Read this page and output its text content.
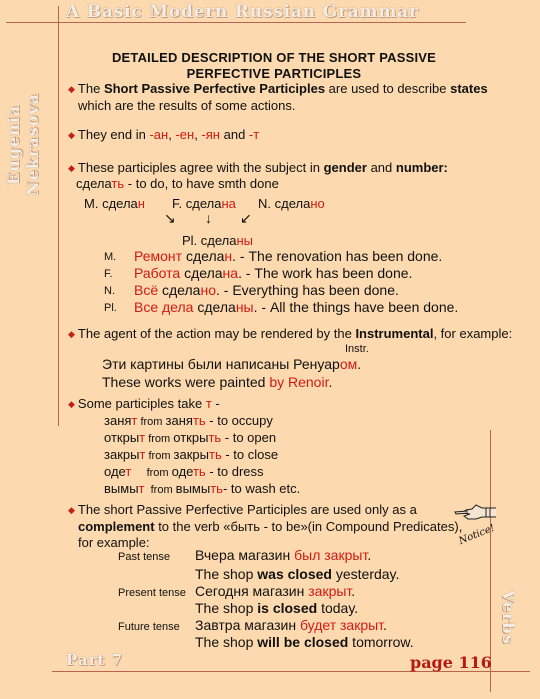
A Basic Modern Russian Grammar
Eugenia Nekrasova
Verbs
Part 7	page 116
DETAILED DESCRIPTION OF THE SHORT PASSIVE
PERFECTIVE PARTICIPLES
◆ The Short Passive Perfective Participles are used to describe states
which are the results of some actions.
◆ They end in -ан, -ен, -ян and -т
◆ These participles agree with the subject in gender and number:
сделать - to do, to have smth done
M. сделан F. сделана N. сделано
↘ ↓ ↙
Pl. сделаны
M. Ремонт сделан. - The renovation has been done.
F. Работа сделана. - The work has been done.
N. Всё сделано. - Everything has been done.
Pl. Все дела сделаны. - All the things have been done.
◆ The agent of the action may be rendered by the Instrumental, for example:
Instr.
Эти картины были написаны Ренуаром.
These works were painted by Renoir.
◆ Some participles take т -
занят from занять - to occupy
открыт from открыть - to open
закрыт from закрыть - to close
одет     from одеть - to dress
вымыт  from вымыть- to wash etc.
◆ The short Passive Perfective Participles are used only as a
complement to the verb «быть - to be»(in Compound Predicates),
for example:	Notice!
Past tense Вчера магазин был закрыт.
The shop was closed yesterday.
Present tense Сегодня магазин закрыт.
The shop is closed today.
Future tense Завтра магазин будет закрыт.
The shop will be closed tomorrow.
